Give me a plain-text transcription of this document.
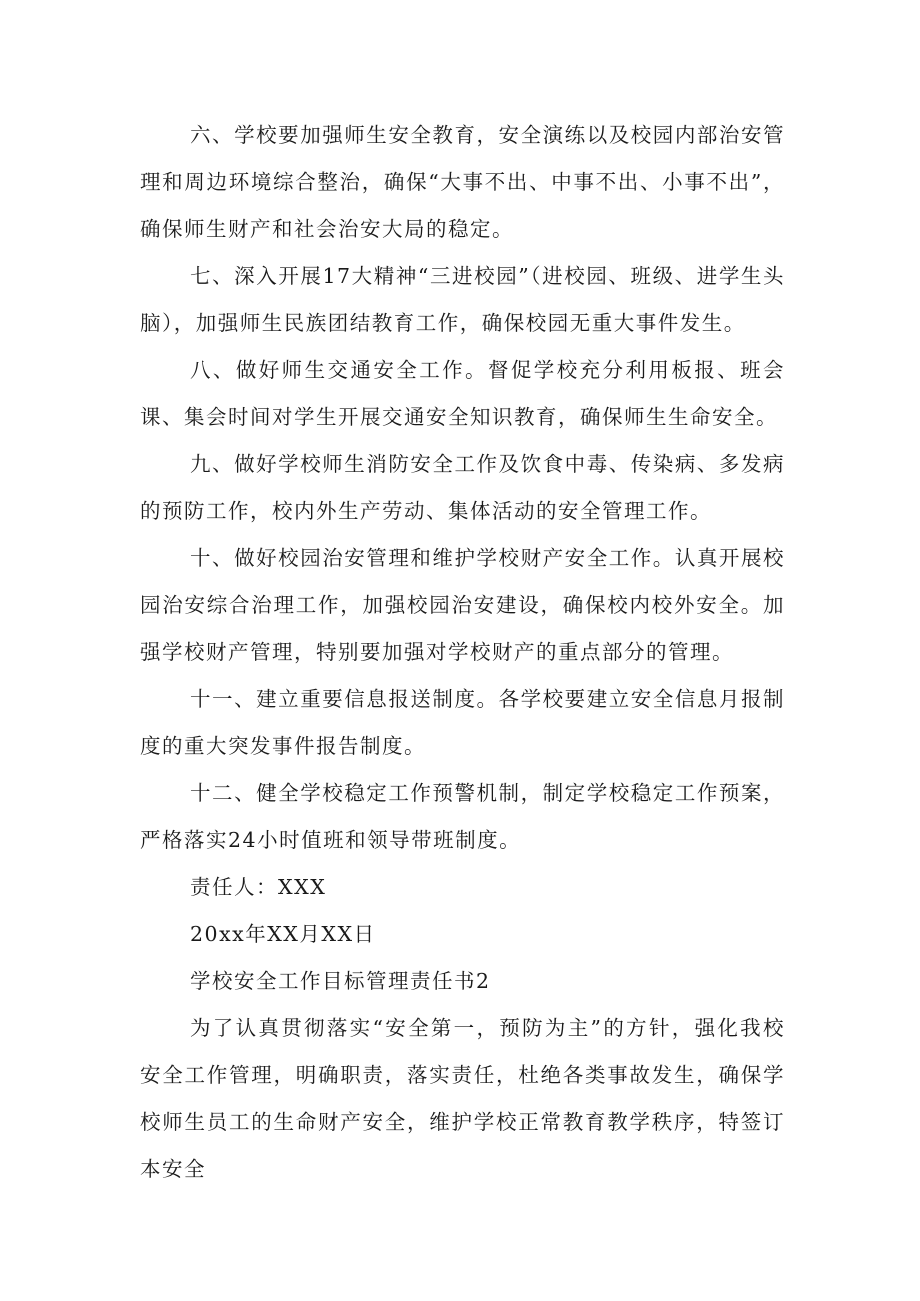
六、学校要加强师生安全教育，安全演练以及校园内部治安管理和周边环境综合整治，确保“大事不出、中事不出、小事不出”，确保师生财产和社会治安大局的稳定。

七、深入开展17大精神“三进校园”（进校园、班级、进学生头脑），加强师生民族团结教育工作，确保校园无重大事件发生。

八、做好师生交通安全工作。督促学校充分利用板报、班会课、集会时间对学生开展交通安全知识教育，确保师生生命安全。

九、做好学校师生消防安全工作及饮食中毒、传染病、多发病的预防工作，校内外生产劳动、集体活动的安全管理工作。

十、做好校园治安管理和维护学校财产安全工作。认真开展校园治安综合治理工作，加强校园治安建设，确保校内校外安全。加强学校财产管理，特别要加强对学校财产的重点部分的管理。

十一、建立重要信息报送制度。各学校要建立安全信息月报制度的重大突发事件报告制度。

十二、健全学校稳定工作预警机制，制定学校稳定工作预案，严格落实24小时值班和领导带班制度。

责任人：XXX

20xx年XX月XX日

学校安全工作目标管理责任书2

为了认真贯彻落实“安全第一，预防为主”的方针，强化我校安全工作管理，明确职责，落实责任，杜绝各类事故发生，确保学校师生员工的生命财产安全，维护学校正常教育教学秩序，特签订本安全
